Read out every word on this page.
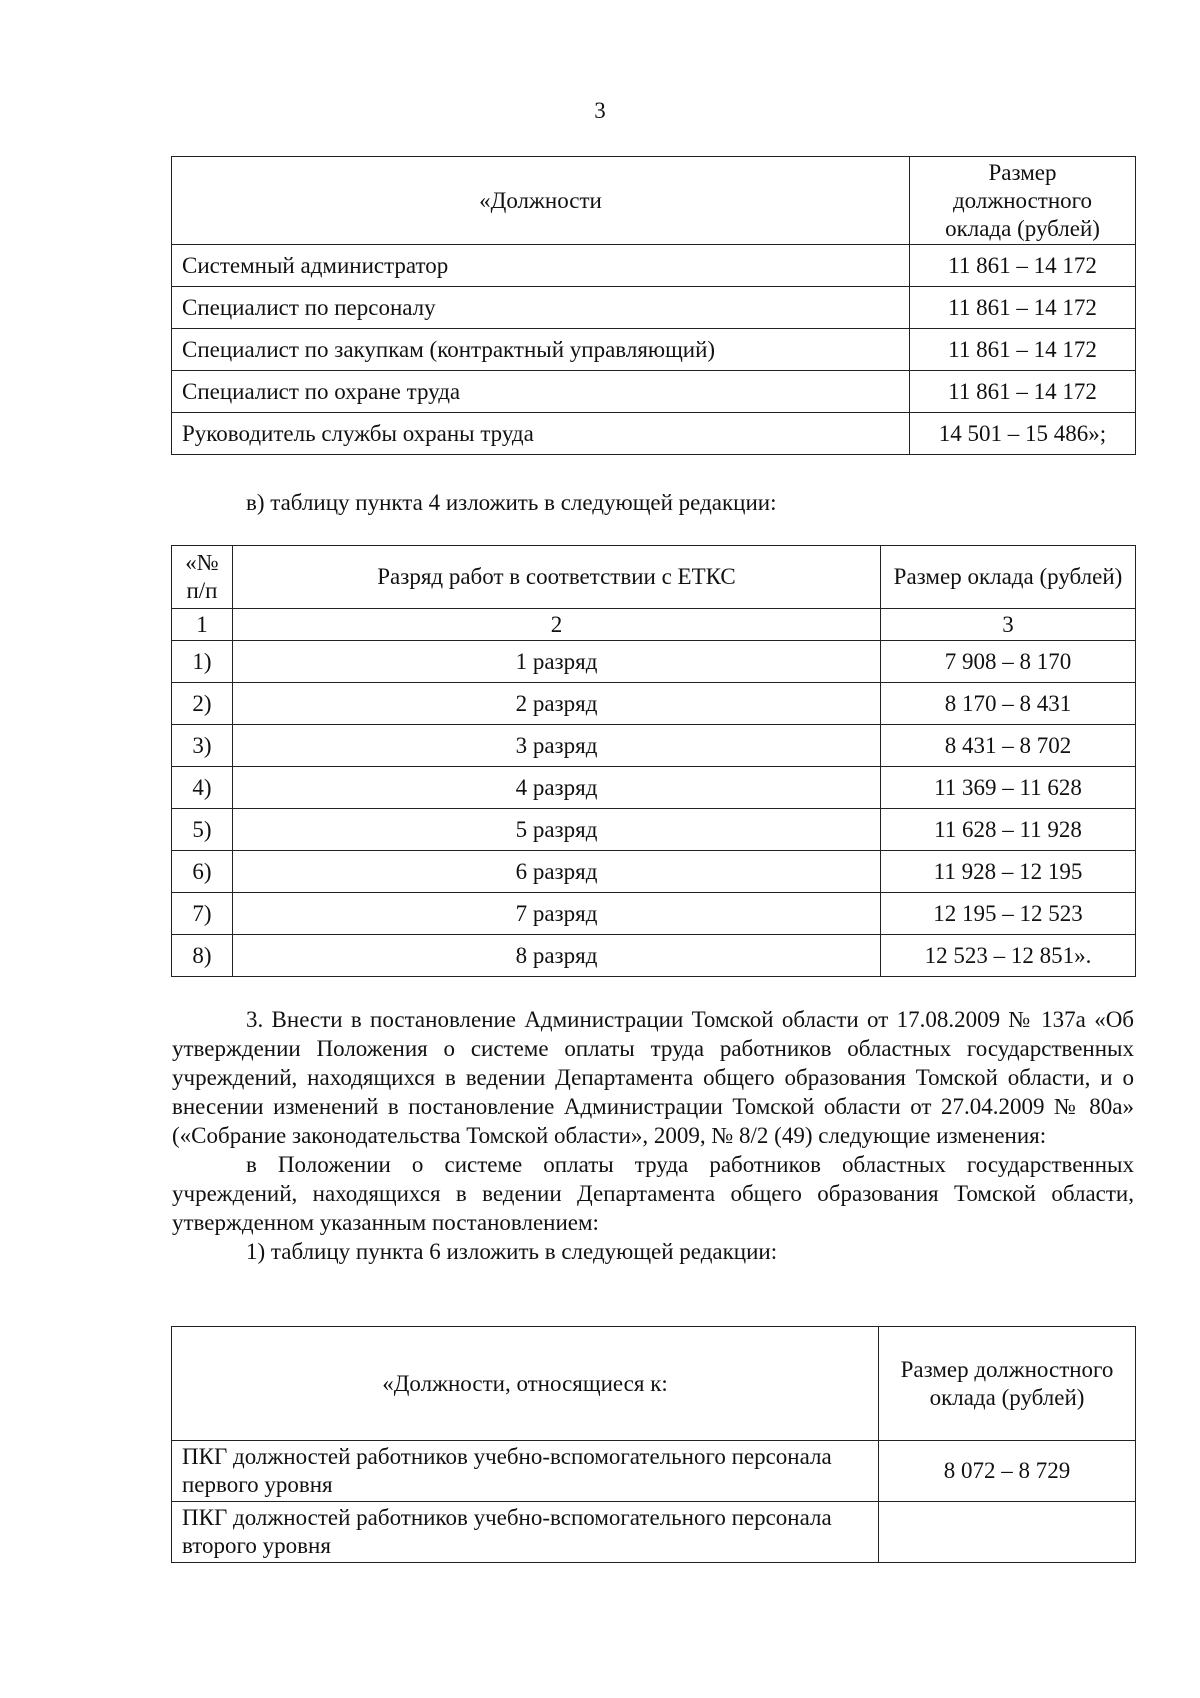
3
«Должности	Размер должностного оклада (рублей)
Системный администратор	11 861 – 14 172
Специалист по персоналу	11 861 – 14 172
Специалист по закупкам (контрактный управляющий)	11 861 – 14 172
Специалист по охране труда	11 861 – 14 172
Руководитель службы охраны труда	14 501 – 15 486»;
в) таблицу пункта 4 изложить в следующей редакции:
«№ п/п	Разряд работ в соответствии с ЕТКС	Размер оклада (рублей)
1	2	3
1)	1 разряд	7 908 – 8 170
2)	2 разряд	8 170 – 8 431
3)	3 разряд	8 431 – 8 702
4)	4 разряд	11 369 – 11 628
5)	5 разряд	11 628 – 11 928
6)	6 разряд	11 928 – 12 195
7)	7 разряд	12 195 – 12 523
8)	8 разряд	12 523 – 12 851».

3. Внести в постановление Администрации Томской области от 17.08.2009 № 137а «Об утверждении Положения о системе оплаты труда работников областных государственных учреждений, находящихся в ведении Департамента общего образования Томской области, и о внесении изменений в постановление Администрации Томской области от 27.04.2009 № 80а» («Собрание законодательства Томской области», 2009, № 8/2 (49) следующие изменения:

в Положении о системе оплаты труда работников областных государственных учреждений, находящихся в ведении Департамента общего образования Томской области, утвержденном указанным постановлением:

1) таблицу пункта 6 изложить в следующей редакции:

«Должности, относящиеся к:	Размер должностного оклада (рублей)
ПКГ должностей работников учебно-вспомогательного персонала первого уровня	8 072 – 8 729
ПКГ должностей работников учебно-вспомогательного персонала второго уровня	
